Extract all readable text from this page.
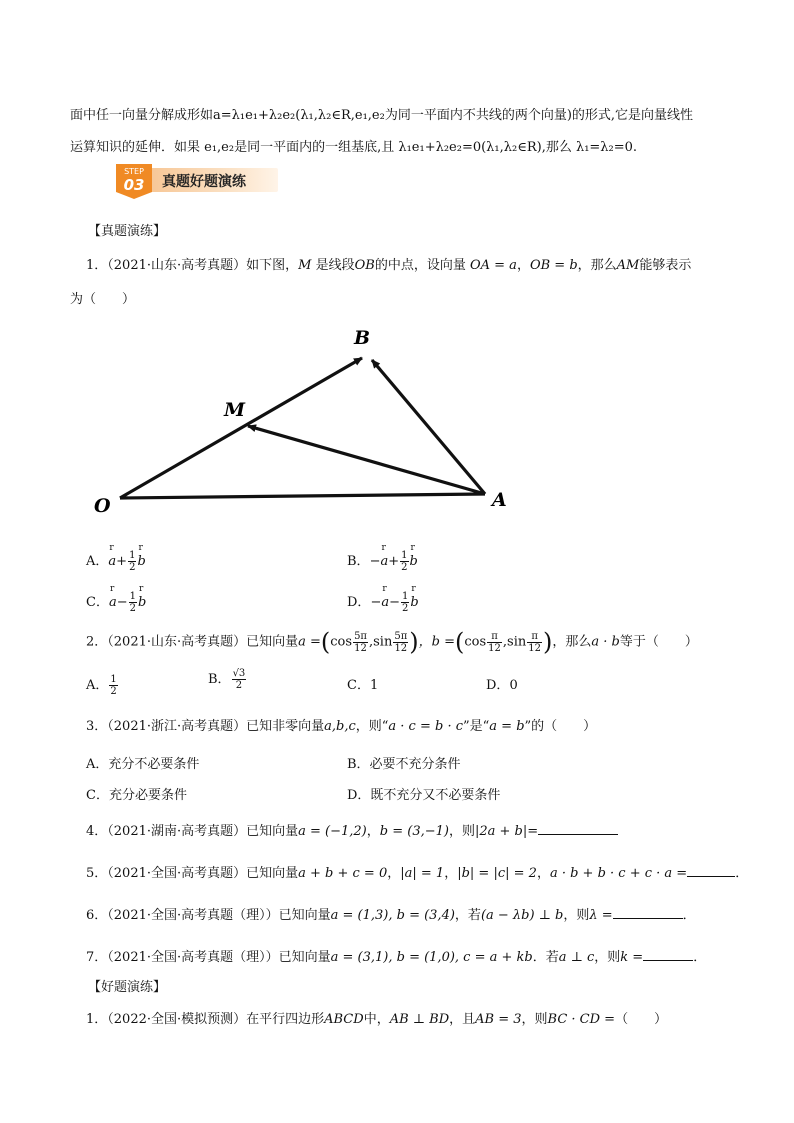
面中任一向量分解成形如a=λ₁e₁+λ₂e₂(λ₁,λ₂∈R,e₁,e₂为同一平面内不共线的两个向量)的形式,它是向量线性
运算知识的延伸．如果 e₁,e₂是同一平面内的一组基底,且 λ₁e₁+λ₂e₂=0(λ₁,λ₂∈R),那么 λ₁=λ₂=0.
STEP
03 真题好题演练
【真题演练】
1．（2021·山东·高考真题）如下图，M 是线段OB的中点，设向量 OA = a，OB = b，那么AM能够表示
为（　　）
O	A
B
M
A．r $a+ \frac{1}{2}$ r b	B．−r $a+ \frac{1}{2}$ r b
C．r $a- \frac{1}{2}$ r b	D．−r $a- \frac{1}{2}$ r b
2．（2021·山东·高考真题）已知向量$a =(\cos \frac{5\pi}{12} ,\sin \frac{5\pi}{12}$ )，$b =(\cos \frac{\pi}{12} ,\sin \frac{\pi}{12}$ )，那么a · b等于（　　）
A． $\frac{1}{2}$	B． $\frac{√3}{2}$	C．1	D．0
3．（2021·浙江·高考真题）已知非零向量a,b,c，则“a · c = b · c”是“a = b”的（　　）
A．充分不必要条件	B．必要不充分条件
C．充分必要条件	D．既不充分又不必要条件
4．（2021·湖南·高考真题）已知向量a = (−1,2)，b = (3,−1)，则|2a + b|=
5．（2021·全国·高考真题）已知向量a + b + c = 0，|a| = 1，|b| = |c| = 2，a · b + b · c + c · a =	．
6．（2021·全国·高考真题（理））已知向量a = (1,3), b = (3,4)，若(a − λb) ⊥ b，则λ =	．
7．（2021·全国·高考真题（理））已知向量a = (3,1), b = (1,0), c = a + kb．若a ⊥ c，则k =	．
【好题演练】
1．（2022·全国·模拟预测）在平行四边形ABCD中，AB ⊥ BD，且AB = 3，则BC · CD =（　　）
